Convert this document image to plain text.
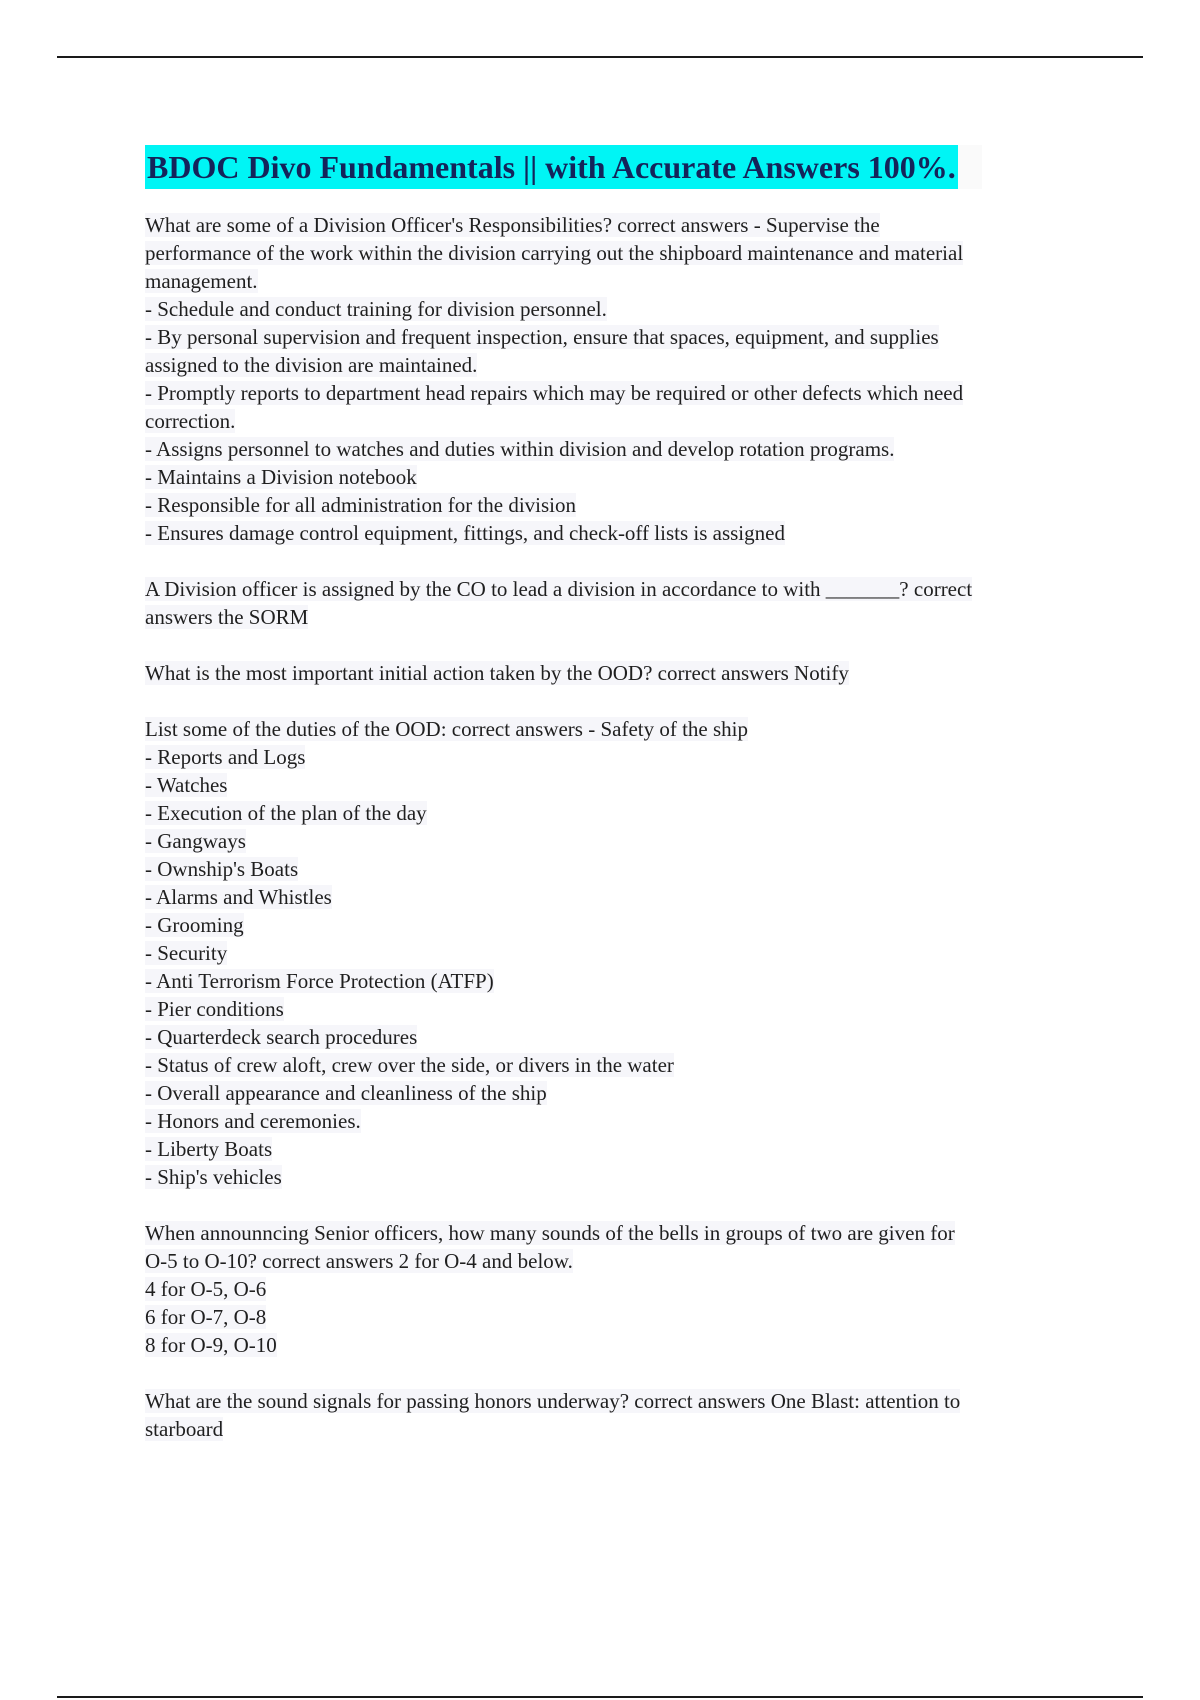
BDOC Divo Fundamentals || with Accurate Answers 100%.
What are some of a Division Officer's Responsibilities? correct answers - Supervise the
performance of the work within the division carrying out the shipboard maintenance and material
management.
- Schedule and conduct training for division personnel.
- By personal supervision and frequent inspection, ensure that spaces, equipment, and supplies
assigned to the division are maintained.
- Promptly reports to department head repairs which may be required or other defects which need
correction.
- Assigns personnel to watches and duties within division and develop rotation programs.
- Maintains a Division notebook
- Responsible for all administration for the division
- Ensures damage control equipment, fittings, and check-off lists is assigned
A Division officer is assigned by the CO to lead a division in accordance to with _______? correct
answers the SORM
What is the most important initial action taken by the OOD? correct answers Notify
List some of the duties of the OOD: correct answers - Safety of the ship
- Reports and Logs
- Watches
- Execution of the plan of the day
- Gangways
- Ownship's Boats
- Alarms and Whistles
- Grooming
- Security
- Anti Terrorism Force Protection (ATFP)
- Pier conditions
- Quarterdeck search procedures
- Status of crew aloft, crew over the side, or divers in the water
- Overall appearance and cleanliness of the ship
- Honors and ceremonies.
- Liberty Boats
- Ship's vehicles
When announncing Senior officers, how many sounds of the bells in groups of two are given for
O-5 to O-10? correct answers 2 for O-4 and below.
4 for O-5, O-6
6 for O-7, O-8
8 for O-9, O-10
What are the sound signals for passing honors underway? correct answers One Blast: attention to
starboard
